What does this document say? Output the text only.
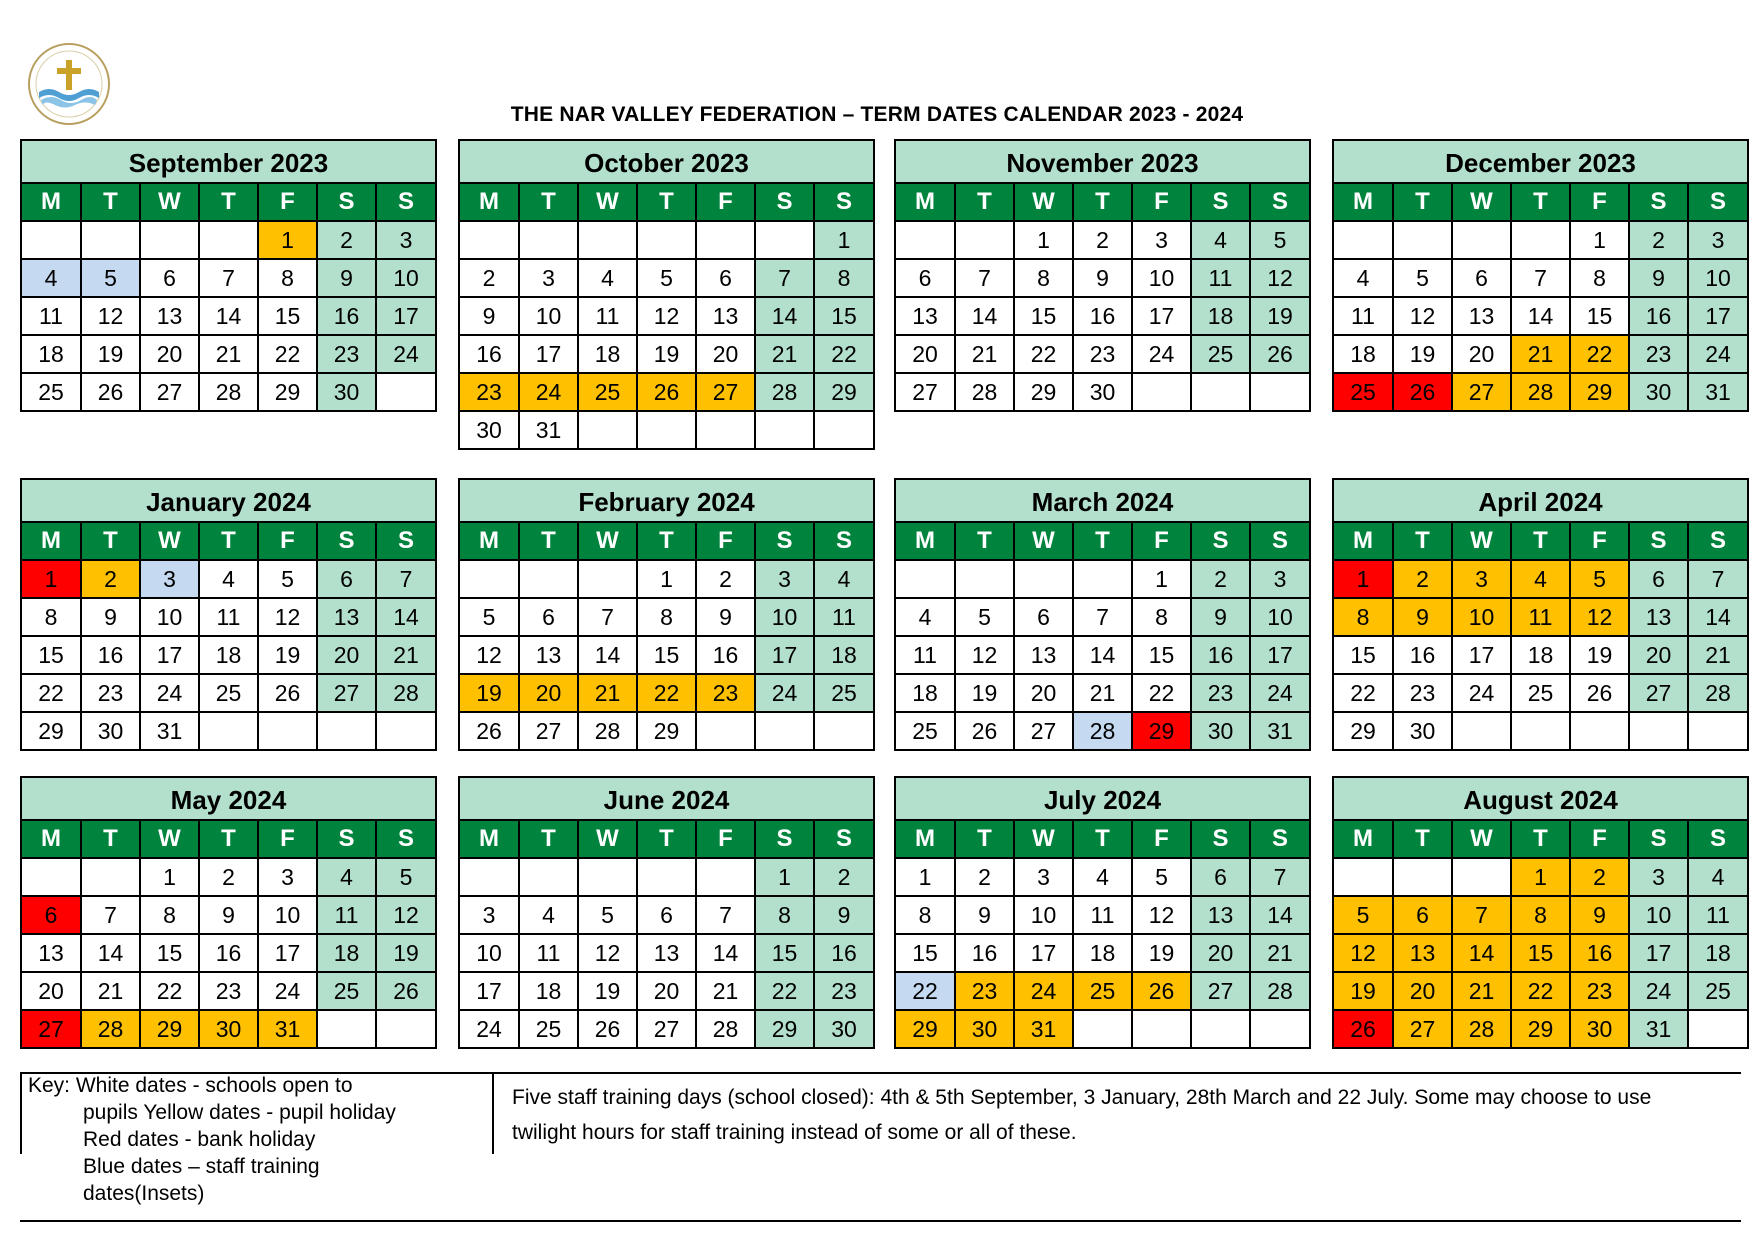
THE NAR VALLEY FEDERATION – TERM DATES CALENDAR 2023 - 2024
September 2023
M	T	W	T	F	S	S
				1	2	3
4	5	6	7	8	9	10
11	12	13	14	15	16	17
18	19	20	21	22	23	24
25	26	27	28	29	30	
October 2023
M	T	W	T	F	S	S
						1
2	3	4	5	6	7	8
9	10	11	12	13	14	15
16	17	18	19	20	21	22
23	24	25	26	27	28	29
30	31					
November 2023
M	T	W	T	F	S	S
		1	2	3	4	5
6	7	8	9	10	11	12
13	14	15	16	17	18	19
20	21	22	23	24	25	26
27	28	29	30			
December 2023
M	T	W	T	F	S	S
				1	2	3
4	5	6	7	8	9	10
11	12	13	14	15	16	17
18	19	20	21	22	23	24
25	26	27	28	29	30	31
January 2024
M	T	W	T	F	S	S
1	2	3	4	5	6	7
8	9	10	11	12	13	14
15	16	17	18	19	20	21
22	23	24	25	26	27	28
29	30	31				
February 2024
M	T	W	T	F	S	S
			1	2	3	4
5	6	7	8	9	10	11
12	13	14	15	16	17	18
19	20	21	22	23	24	25
26	27	28	29			
March 2024
M	T	W	T	F	S	S
				1	2	3
4	5	6	7	8	9	10
11	12	13	14	15	16	17
18	19	20	21	22	23	24
25	26	27	28	29	30	31
April 2024
M	T	W	T	F	S	S
1	2	3	4	5	6	7
8	9	10	11	12	13	14
15	16	17	18	19	20	21
22	23	24	25	26	27	28
29	30					
May 2024
M	T	W	T	F	S	S
		1	2	3	4	5
6	7	8	9	10	11	12
13	14	15	16	17	18	19
20	21	22	23	24	25	26
27	28	29	30	31		
June 2024
M	T	W	T	F	S	S
					1	2
3	4	5	6	7	8	9
10	11	12	13	14	15	16
17	18	19	20	21	22	23
24	25	26	27	28	29	30
July 2024
M	T	W	T	F	S	S
1	2	3	4	5	6	7
8	9	10	11	12	13	14
15	16	17	18	19	20	21
22	23	24	25	26	27	28
29	30	31				
August 2024
M	T	W	T	F	S	S
			1	2	3	4
5	6	7	8	9	10	11
12	13	14	15	16	17	18
19	20	21	22	23	24	25
26	27	28	29	30	31	
Key: White dates - schools open to
pupils Yellow dates - pupil holiday
Red dates - bank holiday
Blue dates – staff training
dates(Insets)
Five staff training days (school closed): 4th & 5th September, 3 January, 28th March and 22 July. Some may choose to use twilight hours for staff training instead of some or all of these.
